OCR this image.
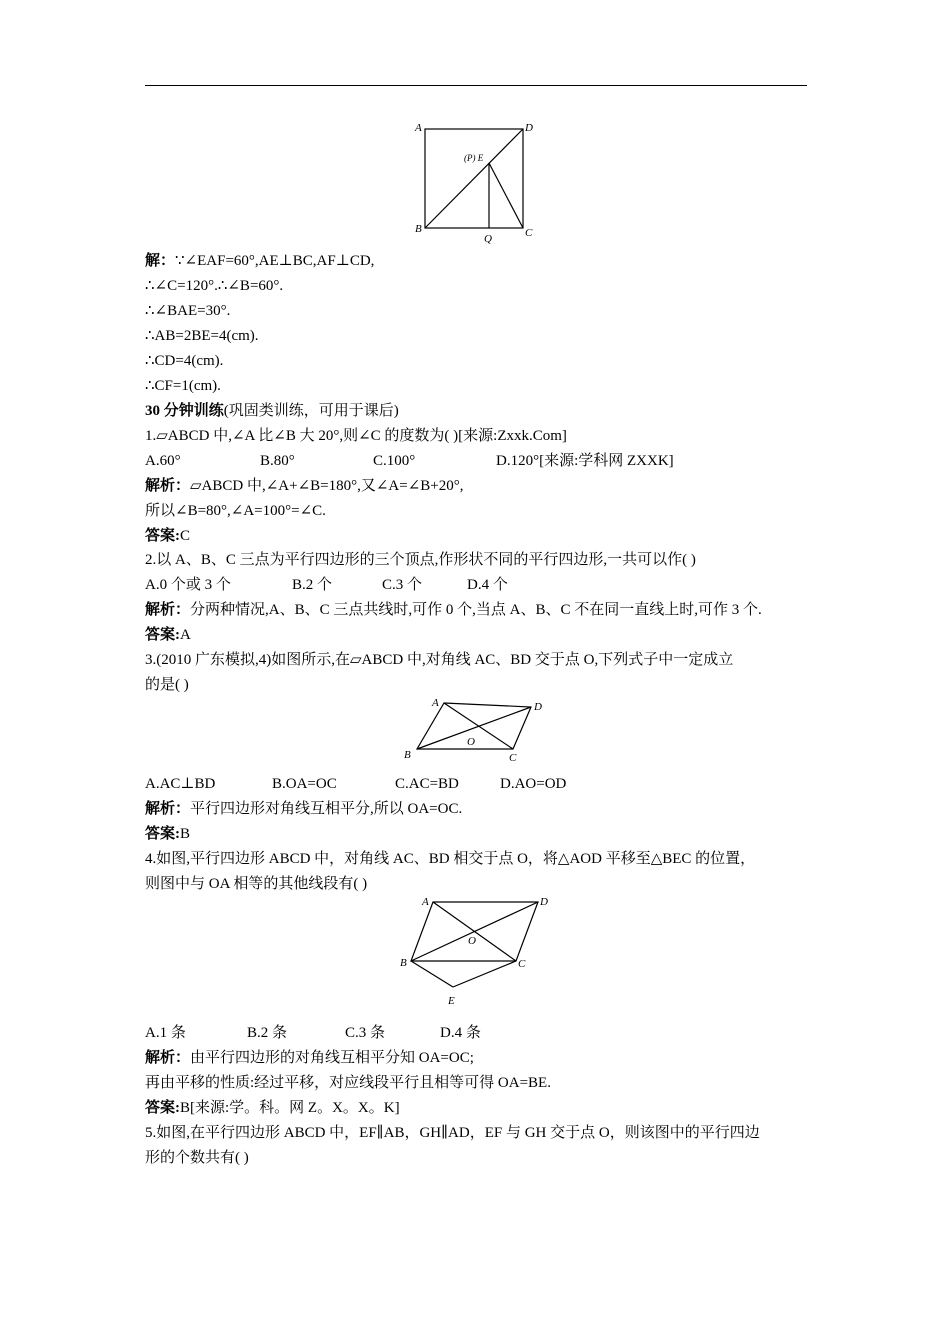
A	D
B	C
Q
(P) E
解：∵∠EAF=60°,AE⊥BC,AF⊥CD,
∴∠C=120°.∴∠B=60°.
∴∠BAE=30°.
∴AB=2BE=4(cm).
∴CD=4(cm).
∴CF=1(cm).
30 分钟训练(巩固类训练，可用于课后)
1.▱ABCD 中,∠A 比∠B 大 20°,则∠C 的度数为( )[来源:Zxxk.Com]
A.60°	B.80°	C.100°	D.120°[来源:学科网 ZXXK]
解析：▱ABCD 中,∠A+∠B=180°,又∠A=∠B+20°,
所以∠B=80°,∠A=100°=∠C.
答案:C
2.以 A、B、C 三点为平行四边形的三个顶点,作形状不同的平行四边形,一共可以作( )
A.0 个或 3 个	B.2 个	C.3 个	D.4 个
解析：分两种情况,A、B、C 三点共线时,可作 0 个,当点 A、B、C 不在同一直线上时,可作 3 个.
答案:A
3.(2010 广东模拟,4)如图所示,在▱ABCD 中,对角线 AC、BD 交于点 O,下列式子中一定成立
的是( )
A	D
B	C
O
A.AC⊥BD	B.OA=OC	C.AC=BD	D.AO=OD
解析：平行四边形对角线互相平分,所以 OA=OC.
答案:B
4.如图,平行四边形 ABCD 中，对角线 AC、BD 相交于点 O，将△AOD 平移至△BEC 的位置，
则图中与 OA 相等的其他线段有( )
A	D
B	C
O
E
A.1 条	B.2 条	C.3 条	D.4 条
解析：由平行四边形的对角线互相平分知 OA=OC;
再由平移的性质:经过平移，对应线段平行且相等可得 OA=BE.
答案:B[来源:学。科。网 Z。X。X。K]
5.如图,在平行四边形 ABCD 中，EF∥AB，GH∥AD，EF 与 GH 交于点 O，则该图中的平行四边
形的个数共有( )
